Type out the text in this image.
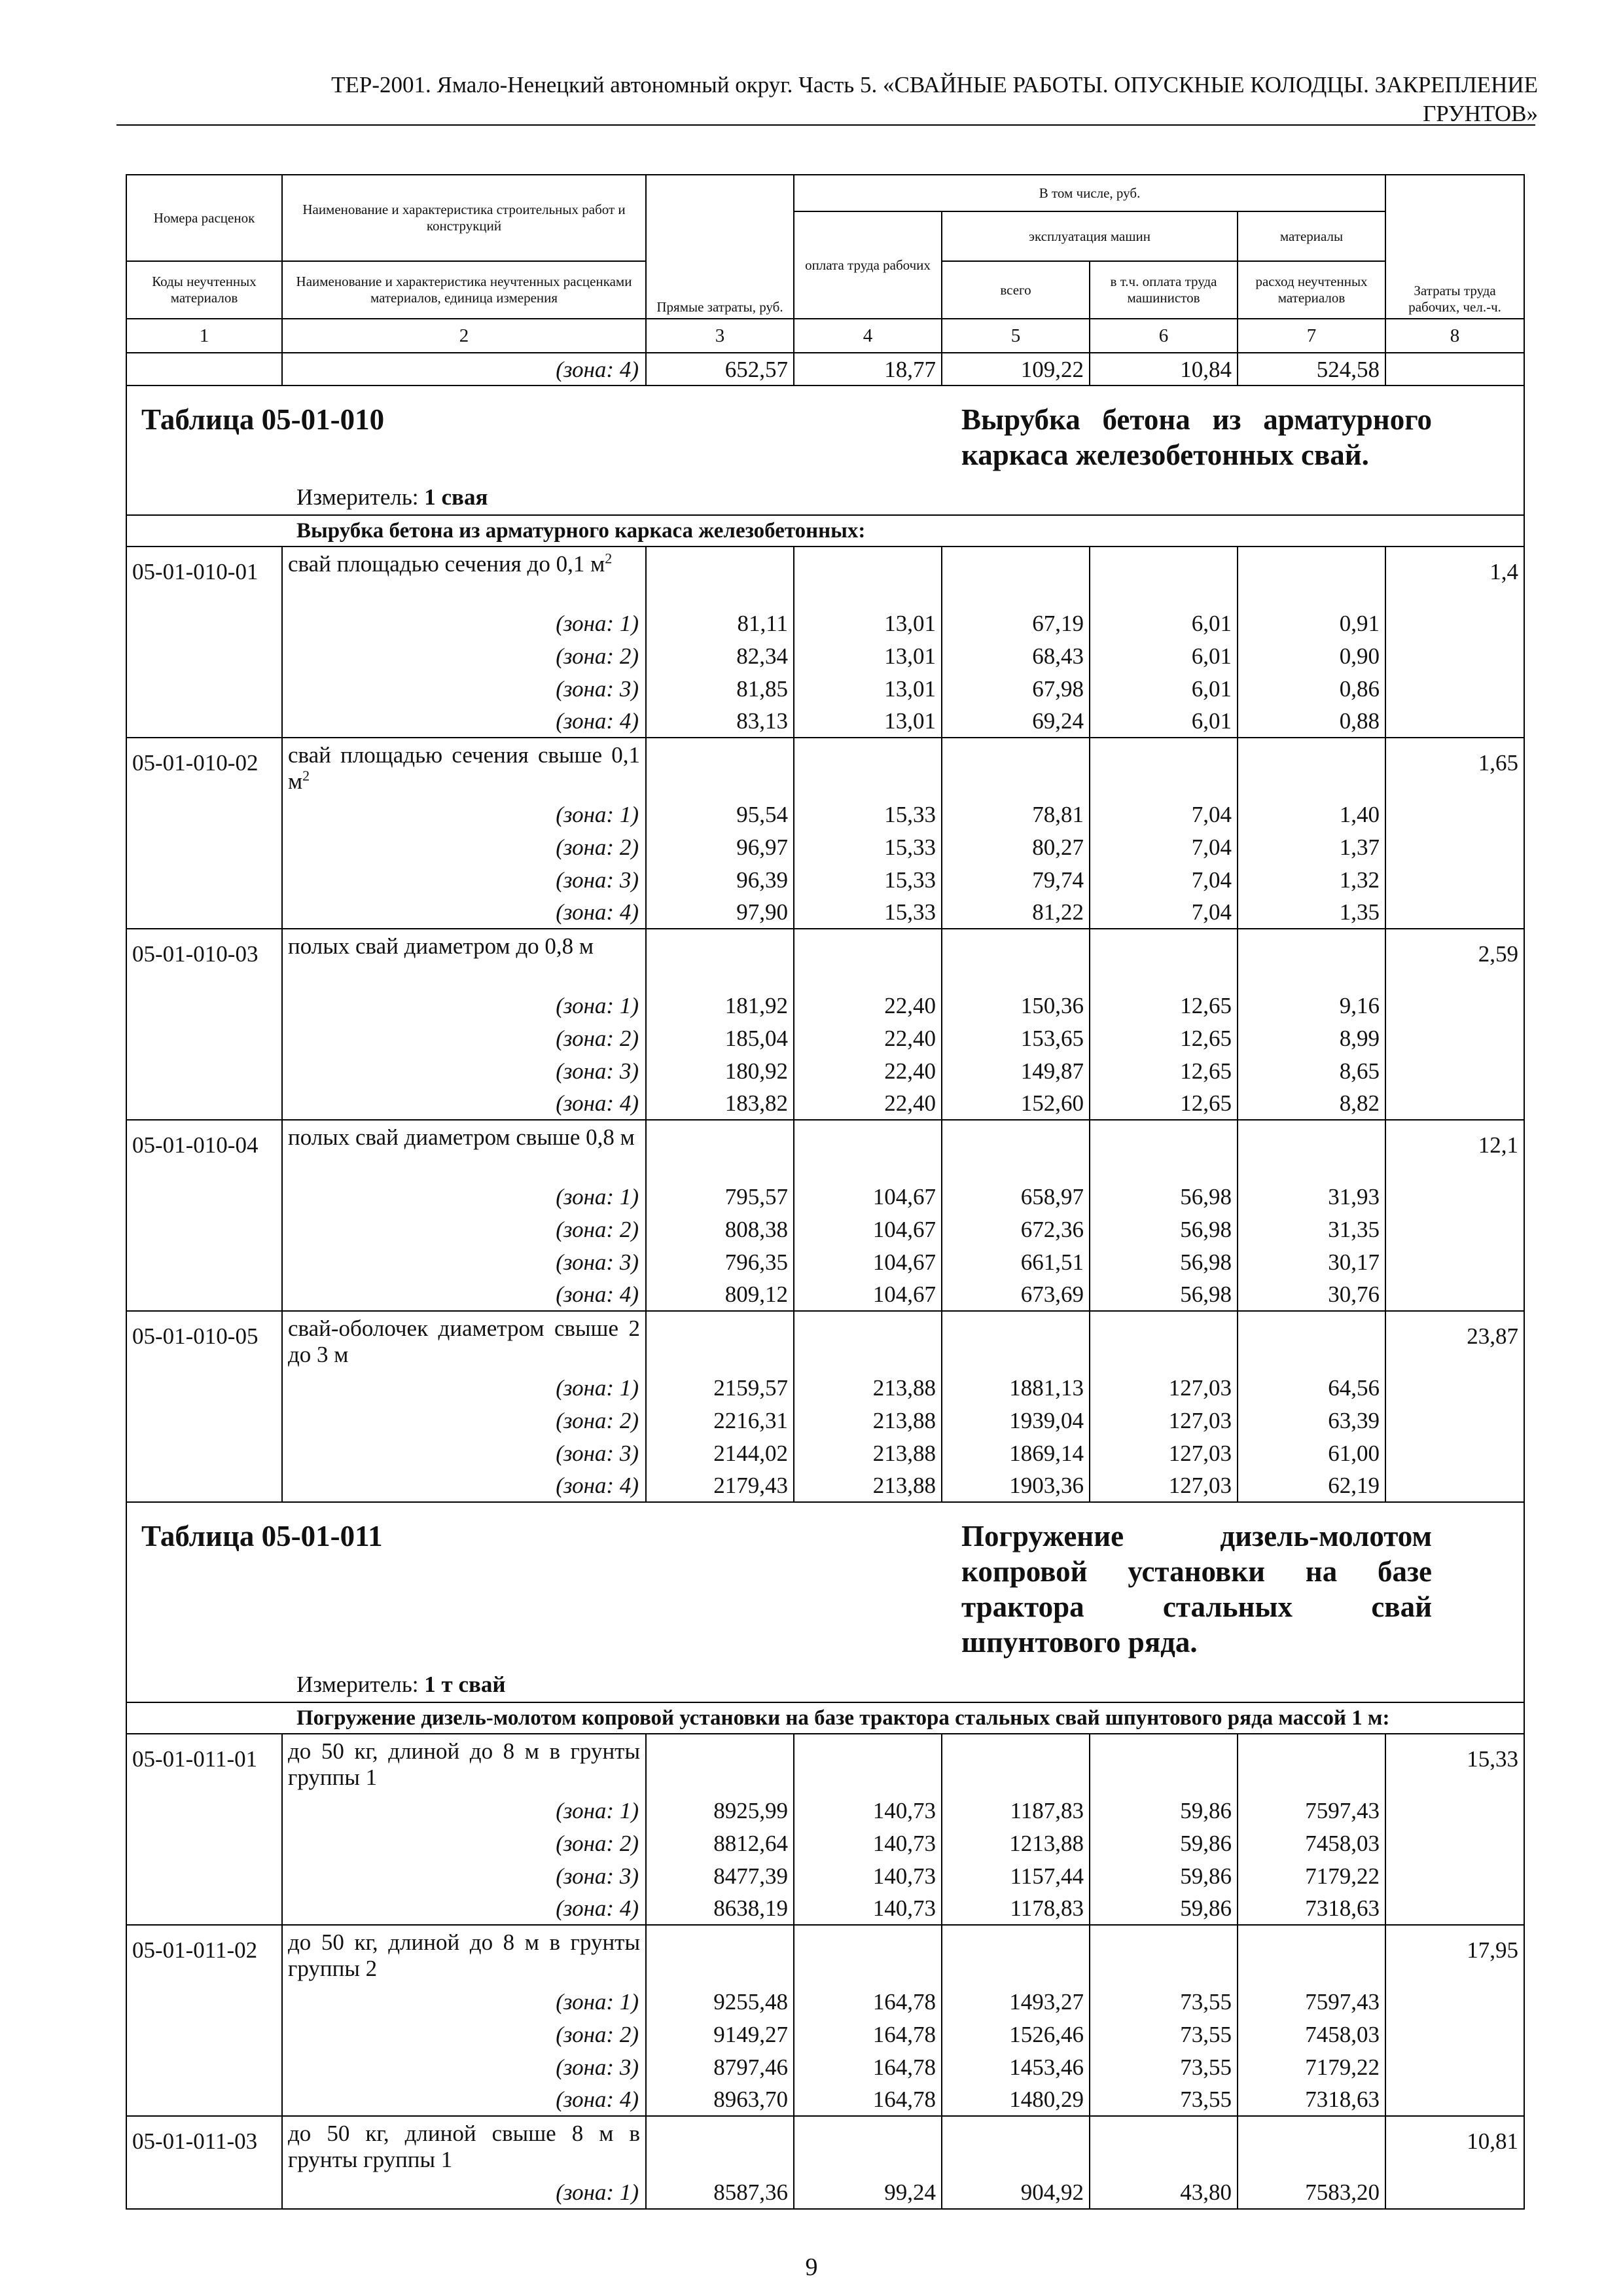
ТЕР-2001. Ямало-Ненецкий автономный округ. Часть 5. «СВАЙНЫЕ РАБОТЫ. ОПУСКНЫЕ КОЛОДЦЫ. ЗАКРЕПЛЕНИЕ
ГРУНТОВ»
Номера расценок	Наименование и характеристика строительных работ и конструкций	Прямые затраты, руб.	В том числе, руб.				Затраты труда рабочих, чел.-ч.
			оплата труда рабочих	эксплуатация машин		материалы	
Коды неучтенных материалов	Наименование и характеристика неучтенных расценками материалов, единица измерения			всего	в т.ч. оплата труда машинистов	расход неучтенных материалов	
1	2	3	4	5	6	7	8
	(зона: 4)	652,57	18,77	109,22	10,84	524,58	
Таблица 05-01-010				Вырубка бетона из арматурного каркаса железобетонных свай.			
	Измеритель: 1 свая						
	Вырубка бетона из арматурного каркаса железобетонных:						
05-01-010-01	свай площадью сечения до 0,1 $м^2$						1,4
	(зона: 1)	81,11	13,01	67,19	6,01	0,91	
	(зона: 2)	82,34	13,01	68,43	6,01	0,90	
	(зона: 3)	81,85	13,01	67,98	6,01	0,86	
	(зона: 4)	83,13	13,01	69,24	6,01	0,88	
05-01-010-02	свай площадью сечения свыше 0,1 $м^2$						1,65
	(зона: 1)	95,54	15,33	78,81	7,04	1,40	
	(зона: 2)	96,97	15,33	80,27	7,04	1,37	
	(зона: 3)	96,39	15,33	79,74	7,04	1,32	
	(зона: 4)	97,90	15,33	81,22	7,04	1,35	
05-01-010-03	полых свай диаметром до 0,8 м						2,59
	(зона: 1)	181,92	22,40	150,36	12,65	9,16	
	(зона: 2)	185,04	22,40	153,65	12,65	8,99	
	(зона: 3)	180,92	22,40	149,87	12,65	8,65	
	(зона: 4)	183,82	22,40	152,60	12,65	8,82	
05-01-010-04	полых свай диаметром свыше 0,8 м						12,1
	(зона: 1)	795,57	104,67	658,97	56,98	31,93	
	(зона: 2)	808,38	104,67	672,36	56,98	31,35	
	(зона: 3)	796,35	104,67	661,51	56,98	30,17	
	(зона: 4)	809,12	104,67	673,69	56,98	30,76	
05-01-010-05	свай-оболочек диаметром свыше 2 до 3 м						23,87
	(зона: 1)	2159,57	213,88	1881,13	127,03	64,56	
	(зона: 2)	2216,31	213,88	1939,04	127,03	63,39	
	(зона: 3)	2144,02	213,88	1869,14	127,03	61,00	
	(зона: 4)	2179,43	213,88	1903,36	127,03	62,19	
Таблица 05-01-011				Погружение дизель-молотом копровой установки на базе трактора стальных свай шпунтового ряда.			
	Измеритель: 1 т свай						
	Погружение дизель-молотом копровой установки на базе трактора стальных свай шпунтового ряда массой 1 м:						
05-01-011-01	до 50 кг, длиной до 8 м в грунты группы 1						15,33
	(зона: 1)	8925,99	140,73	1187,83	59,86	7597,43	
	(зона: 2)	8812,64	140,73	1213,88	59,86	7458,03	
	(зона: 3)	8477,39	140,73	1157,44	59,86	7179,22	
	(зона: 4)	8638,19	140,73	1178,83	59,86	7318,63	
05-01-011-02	до 50 кг, длиной до 8 м в грунты группы 2						17,95
	(зона: 1)	9255,48	164,78	1493,27	73,55	7597,43	
	(зона: 2)	9149,27	164,78	1526,46	73,55	7458,03	
	(зона: 3)	8797,46	164,78	1453,46	73,55	7179,22	
	(зона: 4)	8963,70	164,78	1480,29	73,55	7318,63	
05-01-011-03	до 50 кг, длиной свыше 8 м в грунты группы 1						10,81
	(зона: 1)	8587,36	99,24	904,92	43,80	7583,20	
9
